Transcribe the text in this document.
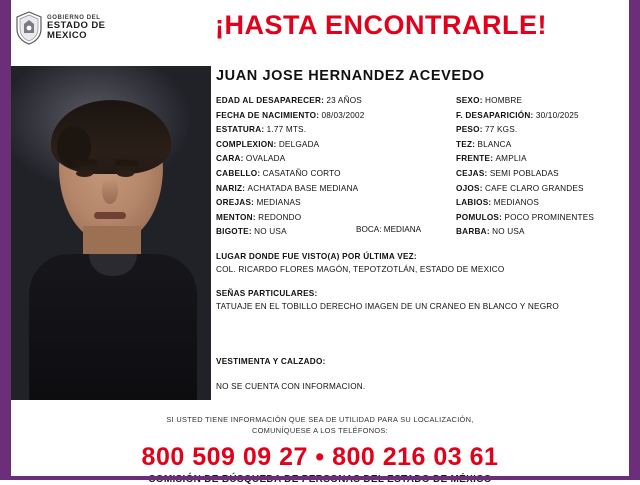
GOBIERNO DEL
ESTADO DE MEXICO	¡HASTA ENCONTRARLE!
JUAN JOSE HERNANDEZ ACEVEDO
EDAD AL DESAPARECER: 23 AÑOS
FECHA DE NACIMIENTO: 08/03/2002
ESTATURA: 1.77 MTS.
COMPLEXION: DELGADA
CARA: OVALADA
CABELLO: CASATAÑO CORTO
NARIZ: ACHATADA BASE MEDIANA
OREJAS: MEDIANAS
MENTON: REDONDO
BIGOTE: NO USA
SEXO: HOMBRE
F. DESAPARICIÓN: 30/10/2025
PESO: 77 KGS.
TEZ: BLANCA
FRENTE: AMPLIA
CEJAS: SEMI POBLADAS
OJOS: CAFE CLARO GRANDES
LABIOS: MEDIANOS
POMULOS: POCO PROMINENTES
BARBA: NO USA
BOCA: MEDIANA
LUGAR DONDE FUE VISTO(A) POR ÚLTIMA VEZ:
COL. RICARDO FLORES MAGÓN, TEPOTZOTLÁN, ESTADO DE MEXICO
SEÑAS PARTICULARES:
TATUAJE EN EL TOBILLO DERECHO IMAGEN DE UN CRANEO EN BLANCO Y NEGRO
VESTIMENTA Y CALZADO:
NO SE CUENTA CON INFORMACION.
SI USTED TIENE INFORMACIÓN QUE SEA DE UTILIDAD PARA SU LOCALIZACIÓN,
COMUNÍQUESE A LOS TELÉFONOS:
800 509 09 27 • 800 216 03 61
